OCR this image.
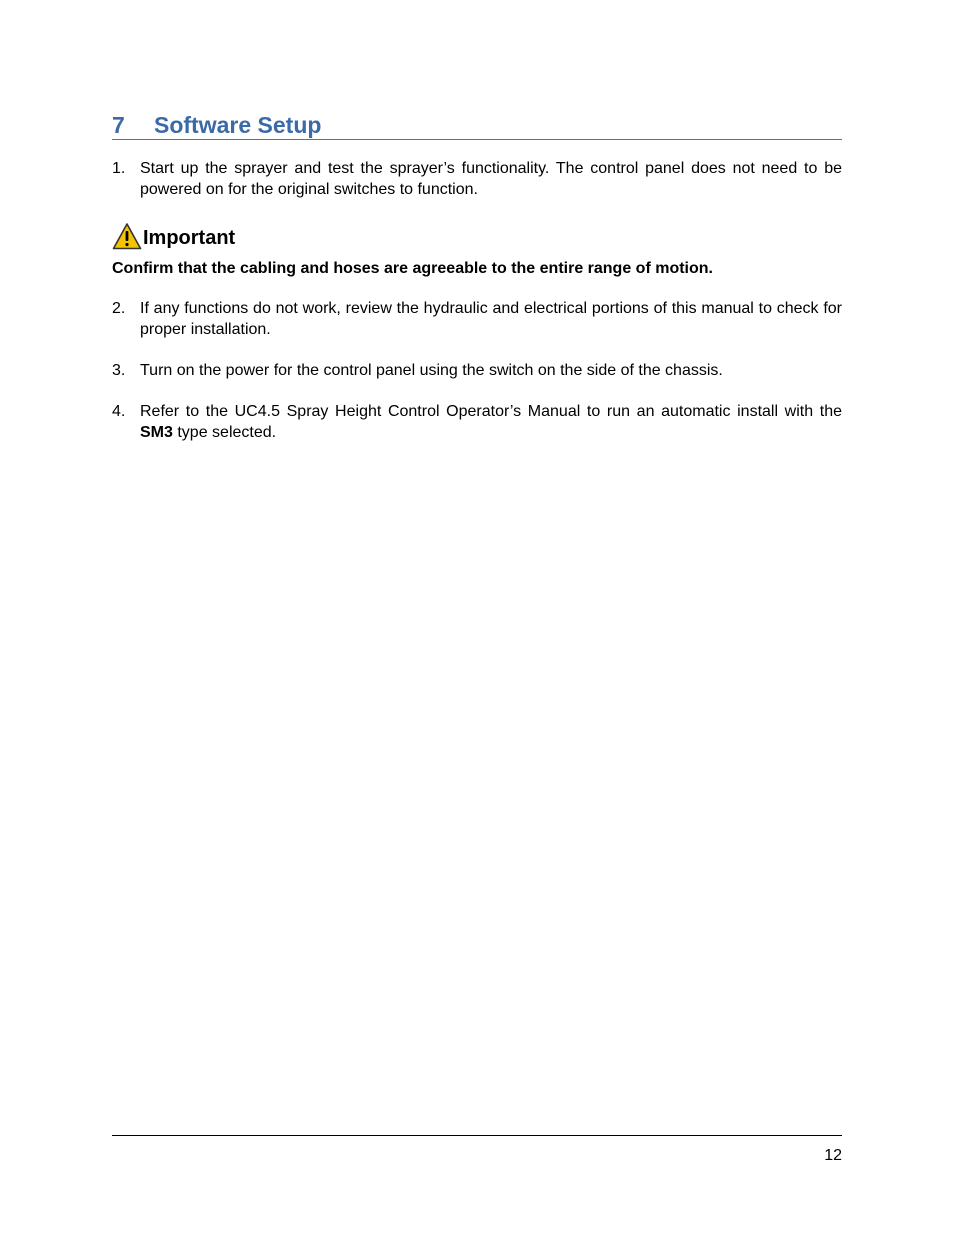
7 Software Setup
1. Start up the sprayer and test the sprayer’s functionality. The control panel does not need to be powered on for the original switches to function.
Important
Confirm that the cabling and hoses are agreeable to the entire range of motion.
2. If any functions do not work, review the hydraulic and electrical portions of this manual to check for proper installation.
3. Turn on the power for the control panel using the switch on the side of the chassis.
4. Refer to the UC4.5 Spray Height Control Operator’s Manual to run an automatic install with the SM3 type selected.
12
